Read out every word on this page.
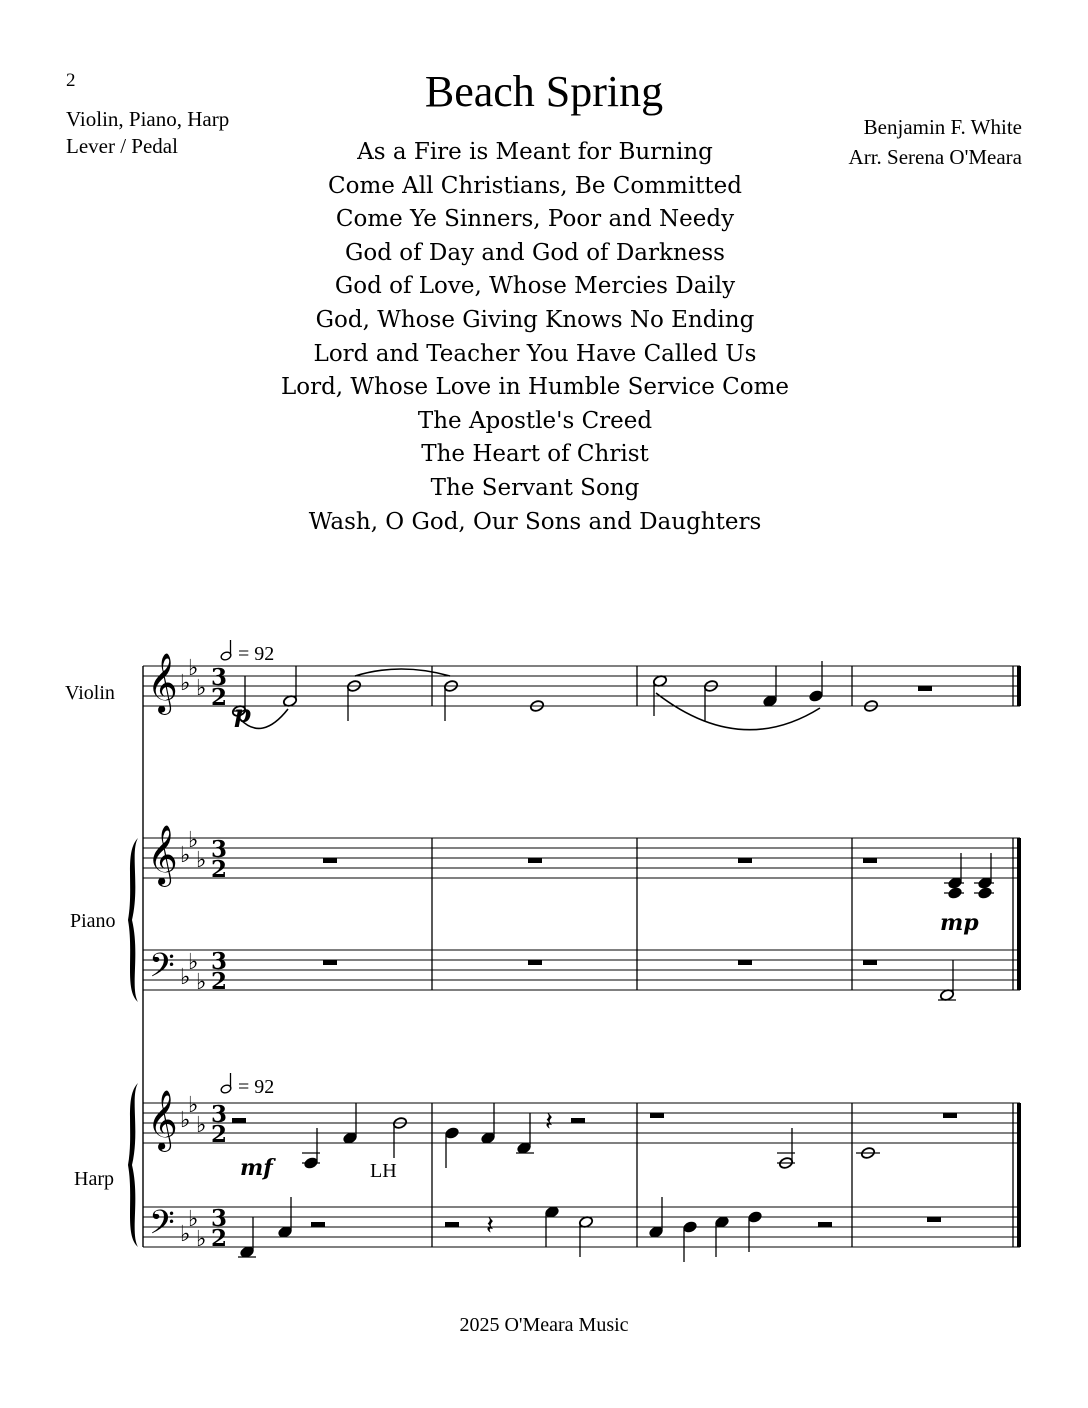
2
Violin, Piano, Harp
Lever / Pedal
Beach Spring
Benjamin F. White
Arr. Serena O'Meara
As a Fire is Meant for Burning
Come All Christians, Be Committed
Come Ye Sinners, Poor and Needy
God of Day and God of Darkness
God of Love, Whose Mercies Daily
God, Whose Giving Knows No Ending
Lord and Teacher You Have Called Us
Lord, Whose Love in Humble Service Come
The Apostle's Creed
The Heart of Christ
The Servant Song
Wash, O God, Our Sons and Daughters
Violin
Piano
Harp
= 92
= 92
𝄞
𝄞
𝄢
𝄞
𝄢
♭
♭
♭
♭
♭
♭
♭
♭
♭
♭
♭
♭
♭
♭
♭
3
2
3
2
3
2
3
2
3
2
p
𝄽
𝄽
mp
mf	LH
2025 O'Meara Music
